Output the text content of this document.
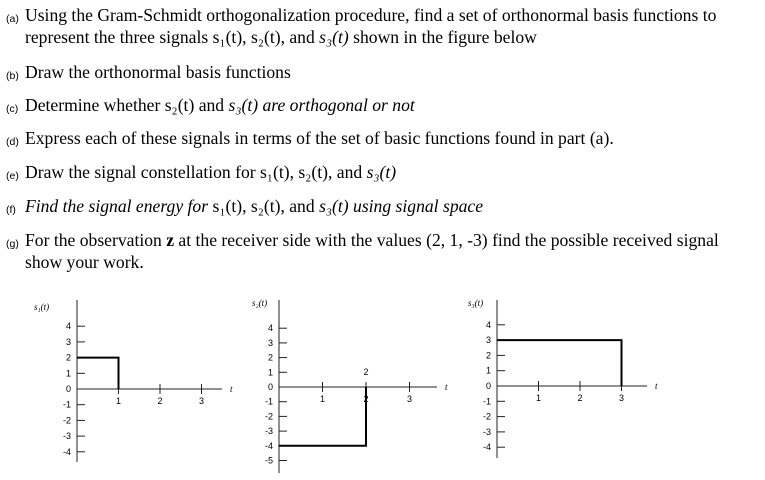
(a) Using the Gram-Schmidt orthogonalization procedure, find a set of orthonormal basis functions to represent the three signals s₁(t), s₂(t), and s₃(t) shown in the figure below
(b) Draw the orthonormal basis functions
(c) Determine whether s₂(t) and s₃(t) are orthogonal or not
(d) Express each of these signals in terms of the set of basic functions found in part (a).
(e) Draw the signal constellation for s₁(t), s₂(t), and s₃(t)
(f) Find the signal energy for s₁(t), s₂(t), and s₃(t) using signal space
(g) For the observation z at the receiver side with the values (2, 1, -3) find the possible received signal show your work.
s₁(t)
t
4
3
2
1
0
-1
-2
-3
-4
1	2	3
s₂(t)
t
4
3
2
1
0
-1
-2
-3
-4
-5
1	2	3
2
s₃(t)
t
4
3
2
1
0
-1
-2
-3
-4
1	2	3
